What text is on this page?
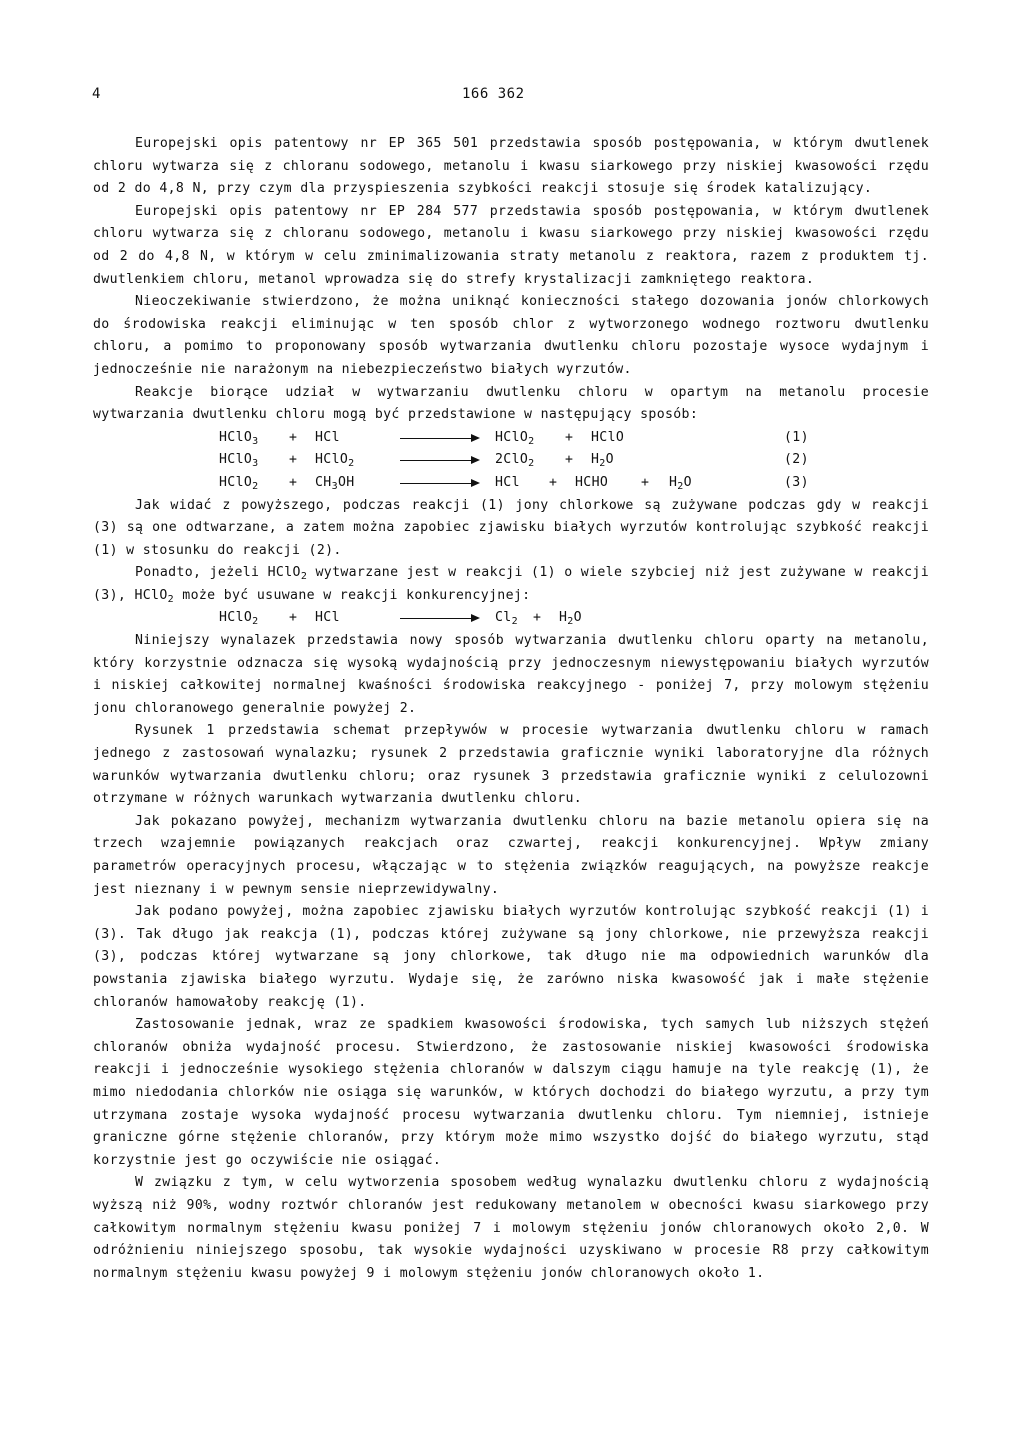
4	166 362

Europejski opis patentowy nr EP 365 501 przedstawia sposób postępowania, w którym dwutlenek chloru wytwarza się z chloranu sodowego, metanolu i kwasu siarkowego przy niskiej kwasowości rzędu od 2 do 4,8 N, przy czym dla przyspieszenia szybkości reakcji stosuje się środek katalizujący.

Europejski opis patentowy nr EP 284 577 przedstawia sposób postępowania, w którym dwutlenek chloru wytwarza się z chloranu sodowego, metanolu i kwasu siarkowego przy niskiej kwasowości rzędu od 2 do 4,8 N, w którym w celu zminimalizowania straty metanolu z reaktora, razem z produktem tj. dwutlenkiem chloru, metanol wprowadza się do strefy krystalizacji zamkniętego reaktora.

Nieoczekiwanie stwierdzono, że można uniknąć konieczności stałego dozowania jonów chlorkowych do środowiska reakcji eliminując w ten sposób chlor z wytworzonego wodnego roztworu dwutlenku chloru, a pomimo to proponowany sposób wytwarzania dwutlenku chloru pozostaje wysoce wydajnym i jednocześnie nie narażonym na niebezpieczeństwo białych wyrzutów.

Reakcje biorące udział w wytwarzaniu dwutlenku chloru w opartym na metanolu procesie wytwarzania dwutlenku chloru mogą być przedstawione w następujący sposób:

HClO$_3$ + HCl	HClO$_2$ + HClO	(1)
HClO$_3$ + HClO$_2$	$2ClO_2 + H_2O$	(2)
HClO$_2$ + $CH_3OH$	HCl + HCHO + $H_2O$	(3)

Jak widać z powyższego, podczas reakcji (1) jony chlorkowe są zużywane podczas gdy w reakcji (3) są one odtwarzane, a zatem można zapobiec zjawisku białych wyrzutów kontrolując szybkość reakcji (1) w stosunku do reakcji (2).

Ponadto, jeżeli HClO$_2$ wytwarzane jest w reakcji (1) o wiele szybciej niż jest zużywane w reakcji (3), HClO$_2$ może być usuwane w reakcji konkurencyjnej:

HClO$_2$ + HCl	$Cl_2 + H_2O$

Niniejszy wynalazek przedstawia nowy sposób wytwarzania dwutlenku chloru oparty na metanolu, który korzystnie odznacza się wysoką wydajnością przy jednoczesnym niewystępowaniu białych wyrzutów i niskiej całkowitej normalnej kwaśności środowiska reakcyjnego - poniżej 7, przy molowym stężeniu jonu chloranowego generalnie powyżej 2.

Rysunek 1 przedstawia schemat przepływów w procesie wytwarzania dwutlenku chloru w ramach jednego z zastosowań wynalazku; rysunek 2 przedstawia graficznie wyniki laboratoryjne dla różnych warunków wytwarzania dwutlenku chloru; oraz rysunek 3 przedstawia graficznie wyniki z celulozowni otrzymane w różnych warunkach wytwarzania dwutlenku chloru.

Jak pokazano powyżej, mechanizm wytwarzania dwutlenku chloru na bazie metanolu opiera się na trzech wzajemnie powiązanych reakcjach oraz czwartej, reakcji konkurencyjnej. Wpływ zmiany parametrów operacyjnych procesu, włączając w to stężenia związków reagujących, na powyższe reakcje jest nieznany i w pewnym sensie nieprzewidywalny.

Jak podano powyżej, można zapobiec zjawisku białych wyrzutów kontrolując szybkość reakcji (1) i (3). Tak długo jak reakcja (1), podczas której zużywane są jony chlorkowe, nie przewyższa reakcji (3), podczas której wytwarzane są jony chlorkowe, tak długo nie ma odpowiednich warunków dla powstania zjawiska białego wyrzutu. Wydaje się, że zarówno niska kwasowość jak i małe stężenie chloranów hamowałoby reakcję (1).

Zastosowanie jednak, wraz ze spadkiem kwasowości środowiska, tych samych lub niższych stężeń chloranów obniża wydajność procesu. Stwierdzono, że zastosowanie niskiej kwasowości środowiska reakcji i jednocześnie wysokiego stężenia chloranów w dalszym ciągu hamuje na tyle reakcję (1), że mimo niedodania chlorków nie osiąga się warunków, w których dochodzi do białego wyrzutu, a przy tym utrzymana zostaje wysoka wydajność procesu wytwarzania dwutlenku chloru. Tym niemniej, istnieje graniczne górne stężenie chloranów, przy którym może mimo wszystko dojść do białego wyrzutu, stąd korzystnie jest go oczywiście nie osiągać.

W związku z tym, w celu wytworzenia sposobem według wynalazku dwutlenku chloru z wydajnością wyższą niż 90%, wodny roztwór chloranów jest redukowany metanolem w obecności kwasu siarkowego przy całkowitym normalnym stężeniu kwasu poniżej 7 i molowym stężeniu jonów chloranowych około 2,0. W odróżnieniu niniejszego sposobu, tak wysokie wydajności uzyskiwano w procesie R8 przy całkowitym normalnym stężeniu kwasu powyżej 9 i molowym stężeniu jonów chloranowych około 1.
